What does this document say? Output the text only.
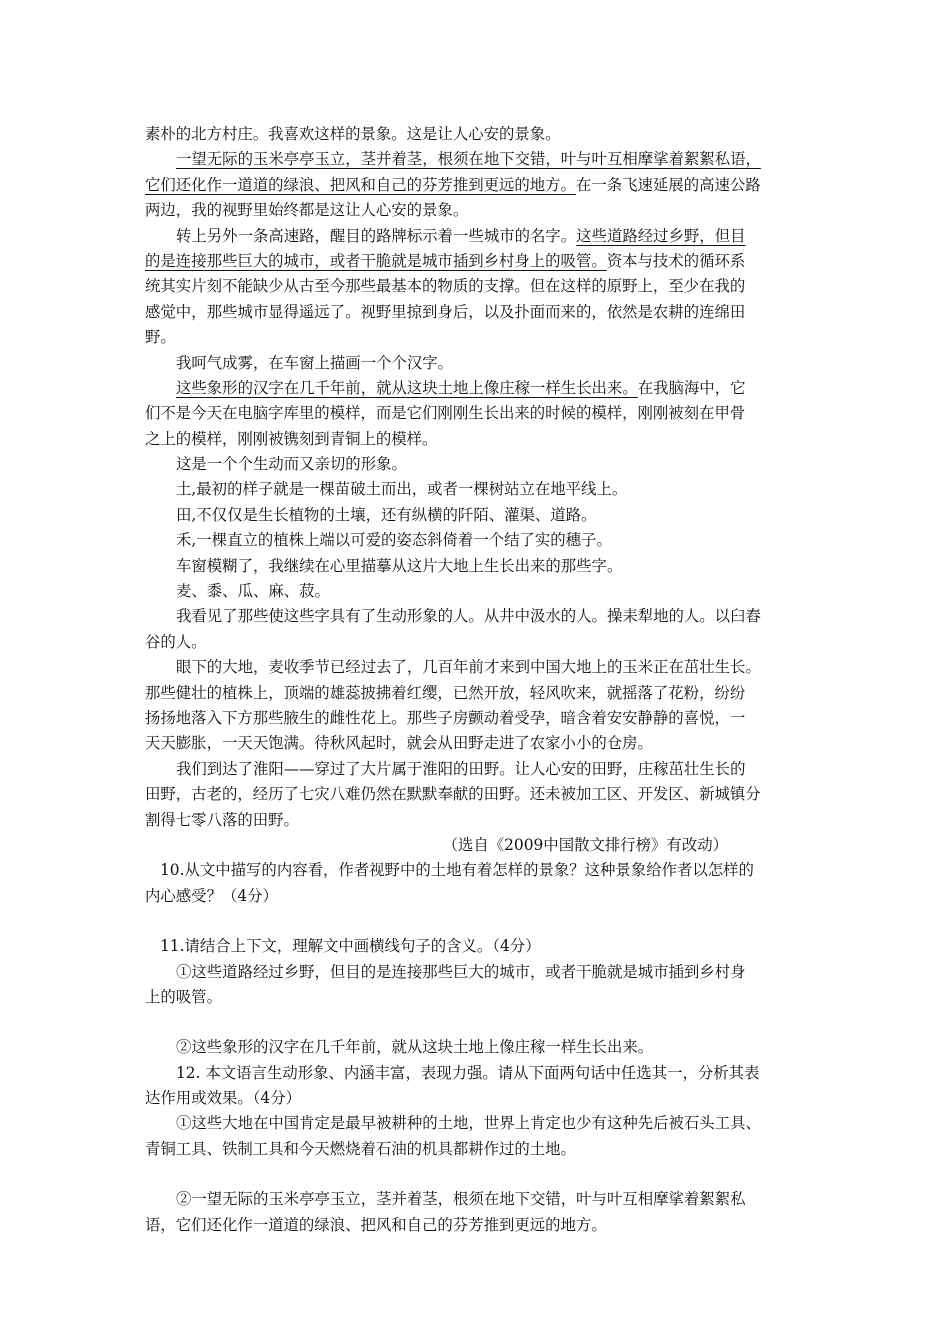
素朴的北方村庄。我喜欢这样的景象。这是让人心安的景象。
一望无际的玉米亭亭玉立，茎并着茎，根须在地下交错，叶与叶互相摩挲着絮絮私语，
它们还化作一道道的绿浪、把风和自己的芬芳推到更远的地方。在一条飞速延展的高速公路
两边，我的视野里始终都是这让人心安的景象。
转上另外一条高速路，醒目的路牌标示着一些城市的名字。这些道路经过乡野，但目
的是连接那些巨大的城市，或者干脆就是城市插到乡村身上的吸管。资本与技术的循环系
统其实片刻不能缺少从古至今那些最基本的物质的支撑。但在这样的原野上，至少在我的
感觉中，那些城市显得遥远了。视野里掠到身后，以及扑面而来的，依然是农耕的连绵田
野。
我呵气成雾，在车窗上描画一个个汉字。
这些象形的汉字在几千年前，就从这块土地上像庄稼一样生长出来。在我脑海中，它
们不是今天在电脑字库里的模样，而是它们刚刚生长出来的时候的模样，刚刚被刻在甲骨
之上的模样，刚刚被镌刻到青铜上的模样。
这是一个个生动而又亲切的形象。
土,最初的样子就是一棵苗破土而出，或者一棵树站立在地平线上。
田,不仅仅是生长植物的土壤，还有纵横的阡陌、灌渠、道路。
禾,一棵直立的植株上端以可爱的姿态斜倚着一个结了实的穗子。
车窗模糊了，我继续在心里描摹从这片大地上生长出来的那些字。
麦、黍、瓜、麻、菽。
我看见了那些使这些字具有了生动形象的人。从井中汲水的人。操耒犁地的人。以臼舂
谷的人。
眼下的大地，麦收季节已经过去了，几百年前才来到中国大地上的玉米正在茁壮生长。
那些健壮的植株上，顶端的雄蕊披拂着红缨，已然开放，轻风吹来，就摇落了花粉，纷纷
扬扬地落入下方那些腋生的雌性花上。那些子房颤动着受孕，暗含着安安静静的喜悦，一
天天膨胀，一天天饱满。待秋风起时，就会从田野走进了农家小小的仓房。
我们到达了淮阳——穿过了大片属于淮阳的田野。让人心安的田野，庄稼茁壮生长的
田野，古老的，经历了七灾八难仍然在默默奉献的田野。还未被加工区、开发区、新城镇分
割得七零八落的田野。
（选自《2009中国散文排行榜》有改动）
10.从文中描写的内容看，作者视野中的土地有着怎样的景象？这种景象给作者以怎样的
内心感受？（4分）
11.请结合上下文，理解文中画横线句子的含义。（4分）
①这些道路经过乡野，但目的是连接那些巨大的城市，或者干脆就是城市插到乡村身
上的吸管。
②这些象形的汉字在几千年前，就从这块土地上像庄稼一样生长出来。
12. 本文语言生动形象、内涵丰富，表现力强。请从下面两句话中任选其一，分析其表
达作用或效果。（4分）
①这些大地在中国肯定是最早被耕种的土地，世界上肯定也少有这种先后被石头工具、
青铜工具、铁制工具和今天燃烧着石油的机具都耕作过的土地。
②一望无际的玉米亭亭玉立，茎并着茎，根须在地下交错，叶与叶互相摩挲着絮絮私
语，它们还化作一道道的绿浪、把风和自己的芬芳推到更远的地方。
